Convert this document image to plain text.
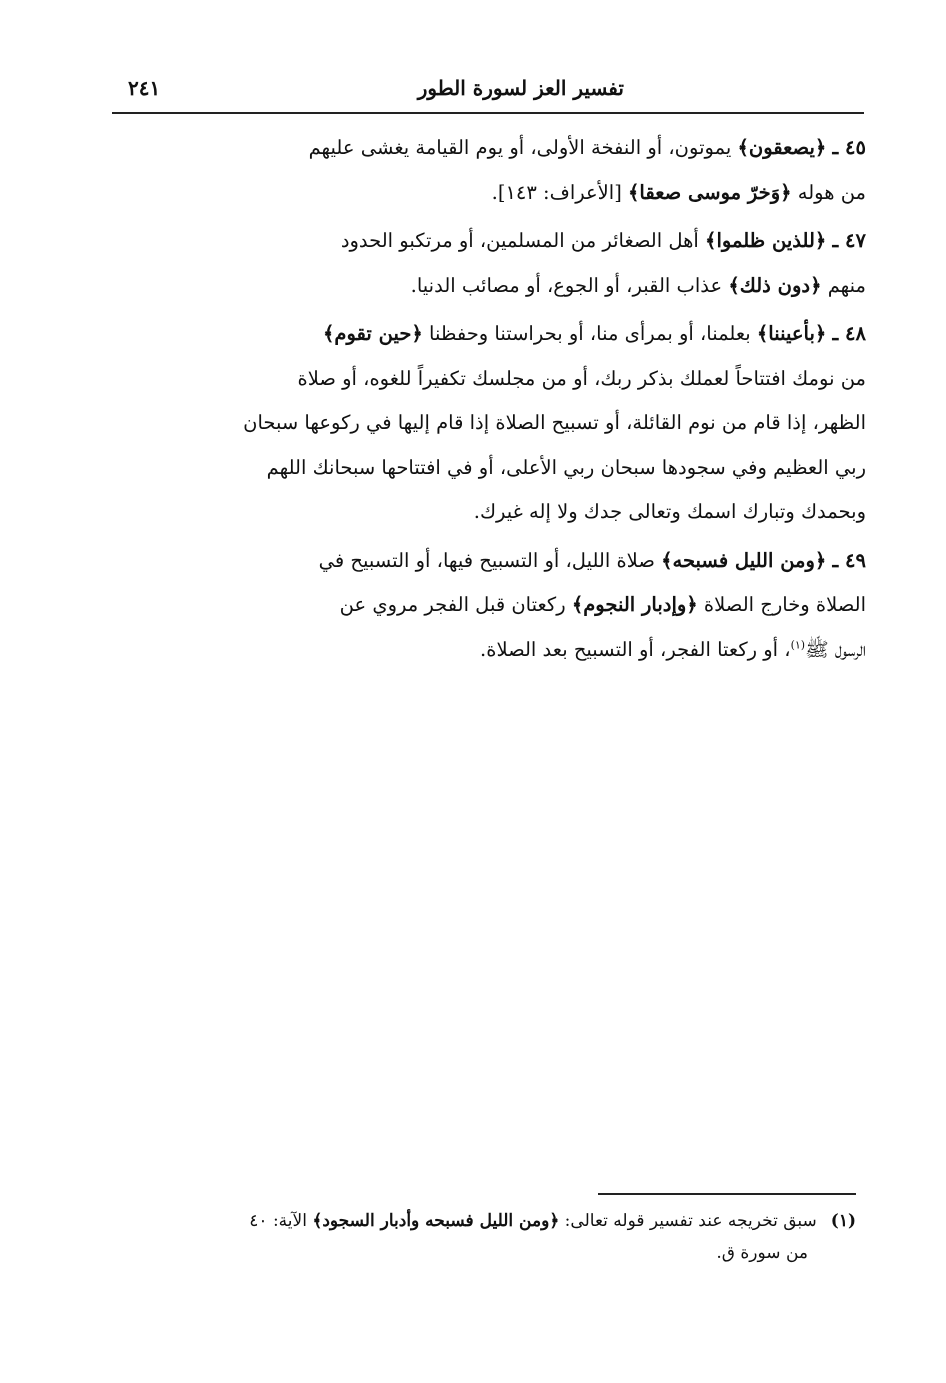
تفسير العز لسورة الطور
٢٤١

٤٥ ـ ﴿يصعقون﴾ يموتون، أو النفخة الأولى، أو يوم القيامة يغشى عليهم
من هوله ﴿وَخرّ موسى صعقا﴾ [الأعراف: ١٤٣].

٤٧ ـ ﴿للذين ظلموا﴾ أهل الصغائر من المسلمين، أو مرتكبو الحدود
منهم ﴿دون ذلك﴾ عذاب القبر، أو الجوع، أو مصائب الدنيا.

٤٨ ـ ﴿بأعيننا﴾ بعلمنا، أو بمرأى منا، أو بحراستنا وحفظنا ﴿حين تقوم﴾
من نومك افتتاحاً لعملك بذكر ربك، أو من مجلسك تكفيراً للغوه، أو صلاة
الظهر، إذا قام من نوم القائلة، أو تسبيح الصلاة إذا قام إليها في ركوعها سبحان
ربي العظيم وفي سجودها سبحان ربي الأعلى، أو في افتتاحها سبحانك اللهم
وبحمدك وتبارك اسمك وتعالى جدك ولا إله غيرك.

٤٩ ـ ﴿ومن الليل فسبحه﴾ صلاة الليل، أو التسبيح فيها، أو التسبيح في
الصلاة وخارج الصلاة ﴿وإدبار النجوم﴾ ركعتان قبل الفجر مروي عن
الرسول ﷺ$^{(١)}$، أو ركعتا الفجر، أو التسبيح بعد الصلاة.

(١)سبق تخريجه عند تفسير قوله تعالى: ﴿ومن الليل فسبحه وأدبار السجود﴾ الآية: ٤٠
من سورة ق.
